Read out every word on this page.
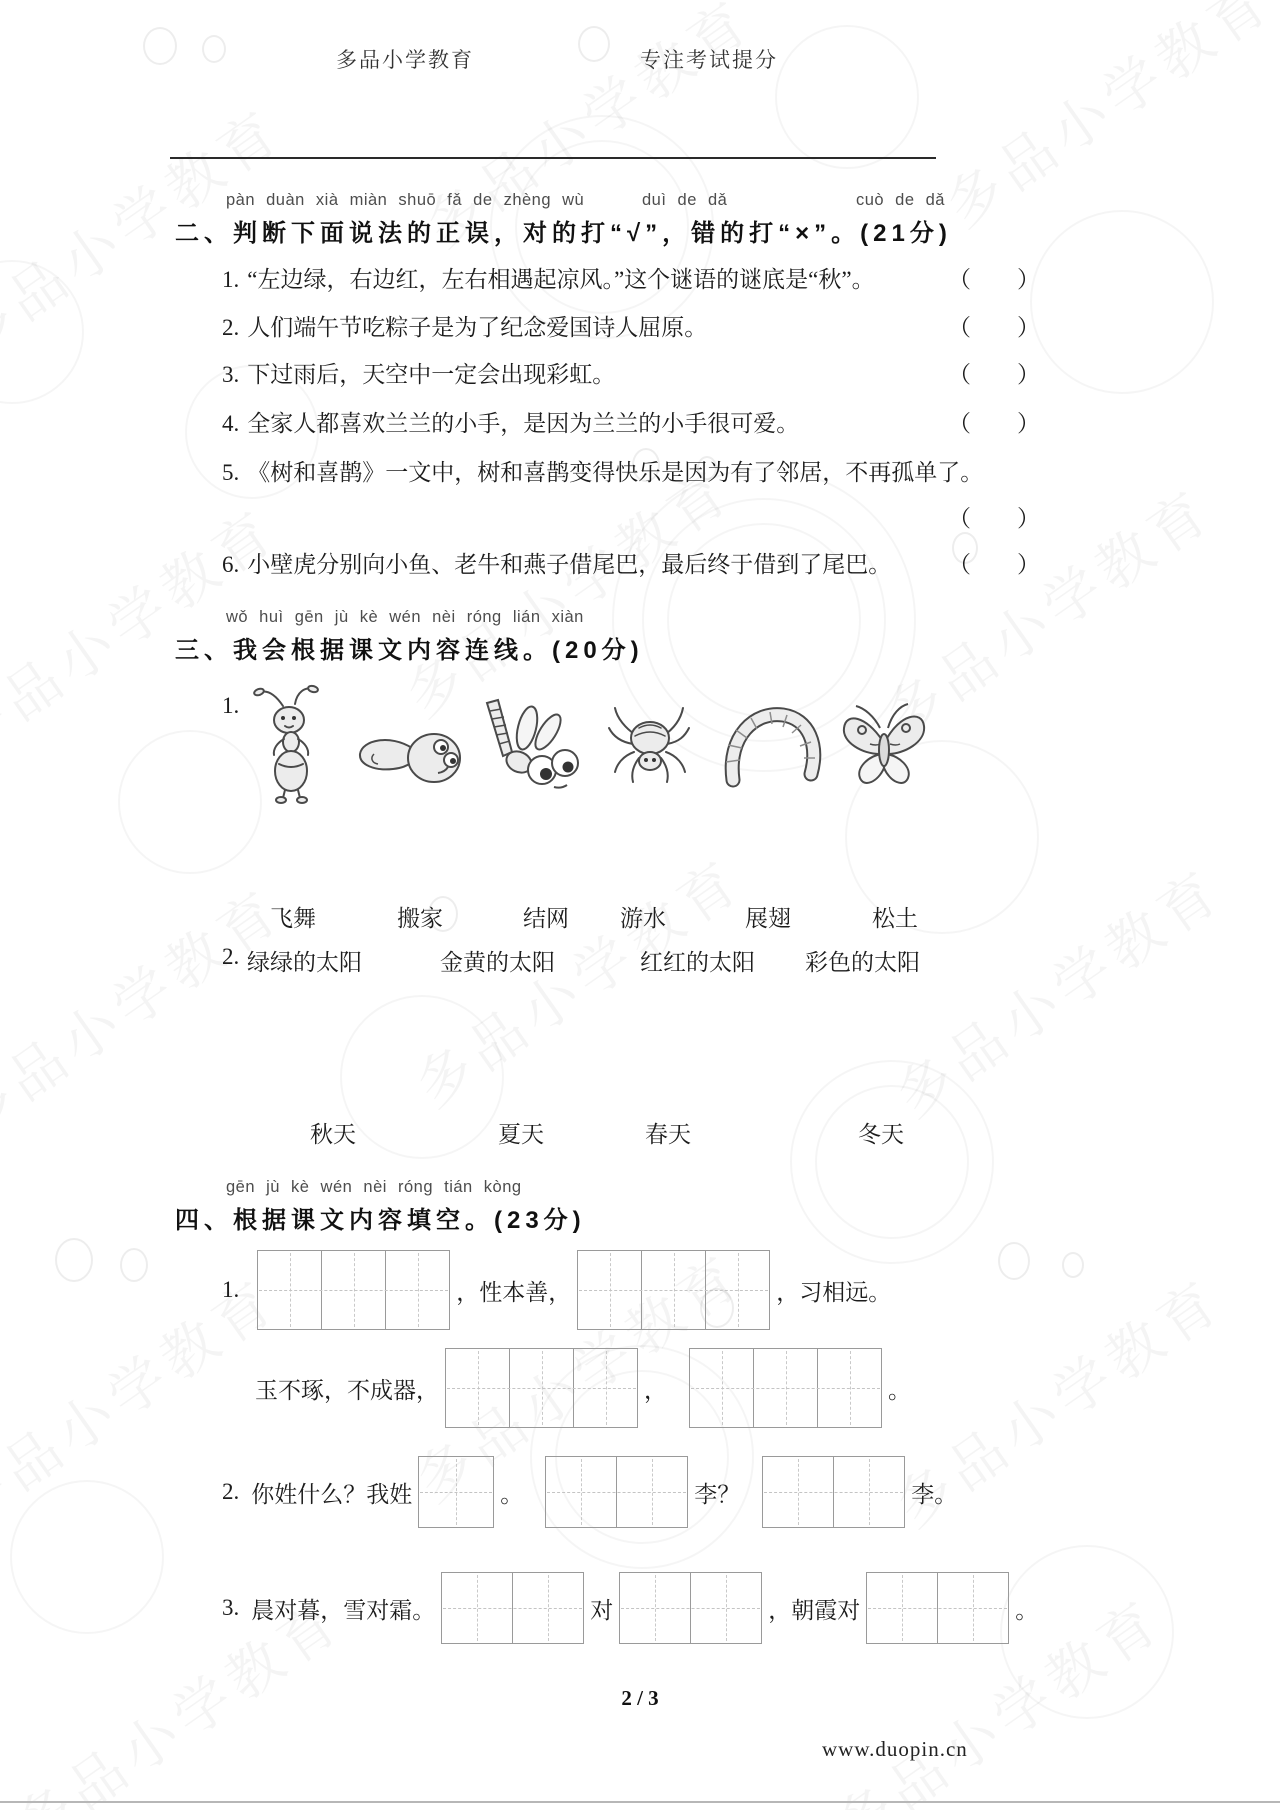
多品小学教育	专注考试提分
pàn duàn xià miàn shuō fǎ de zhèng wù	duì de dǎ	cuò de dǎ
二、判断下面说法的正误，对的打“√”，错的打“×”。(21分)
1. “左边绿，右边红，左右相遇起凉风。”这个谜语的谜底是“秋”。	（ ）
2. 人们端午节吃粽子是为了纪念爱国诗人屈原。	（ ）
3. 下过雨后，天空中一定会出现彩虹。	（ ）
4. 全家人都喜欢兰兰的小手，是因为兰兰的小手很可爱。	（ ）
5. 《树和喜鹊》一文中，树和喜鹊变得快乐是因为有了邻居，不再孤单了。
（ ）
6. 小壁虎分别向小鱼、老牛和燕子借尾巴，最后终于借到了尾巴。 （ ）
wǒ huì gēn jù kè wén nèi róng lián xiàn
三、我会根据课文内容连线。(20分)
1.
飞舞	搬家	结网 游水	展翅	松土
2. 绿绿的太阳	金黄的太阳	红红的太阳 彩色的太阳
秋天	夏天	春天	冬天
gēn jù kè wén nèi róng tián kòng
四、根据课文内容填空。(23分)
1.	，性本善，	，习相远。
玉不琢，不成器，	，	。
2. 你姓什么？我姓	。	李？	李。
3. 晨对暮，雪对霜。	对	，朝霞对	。
2 / 3
www.duopin.cn
